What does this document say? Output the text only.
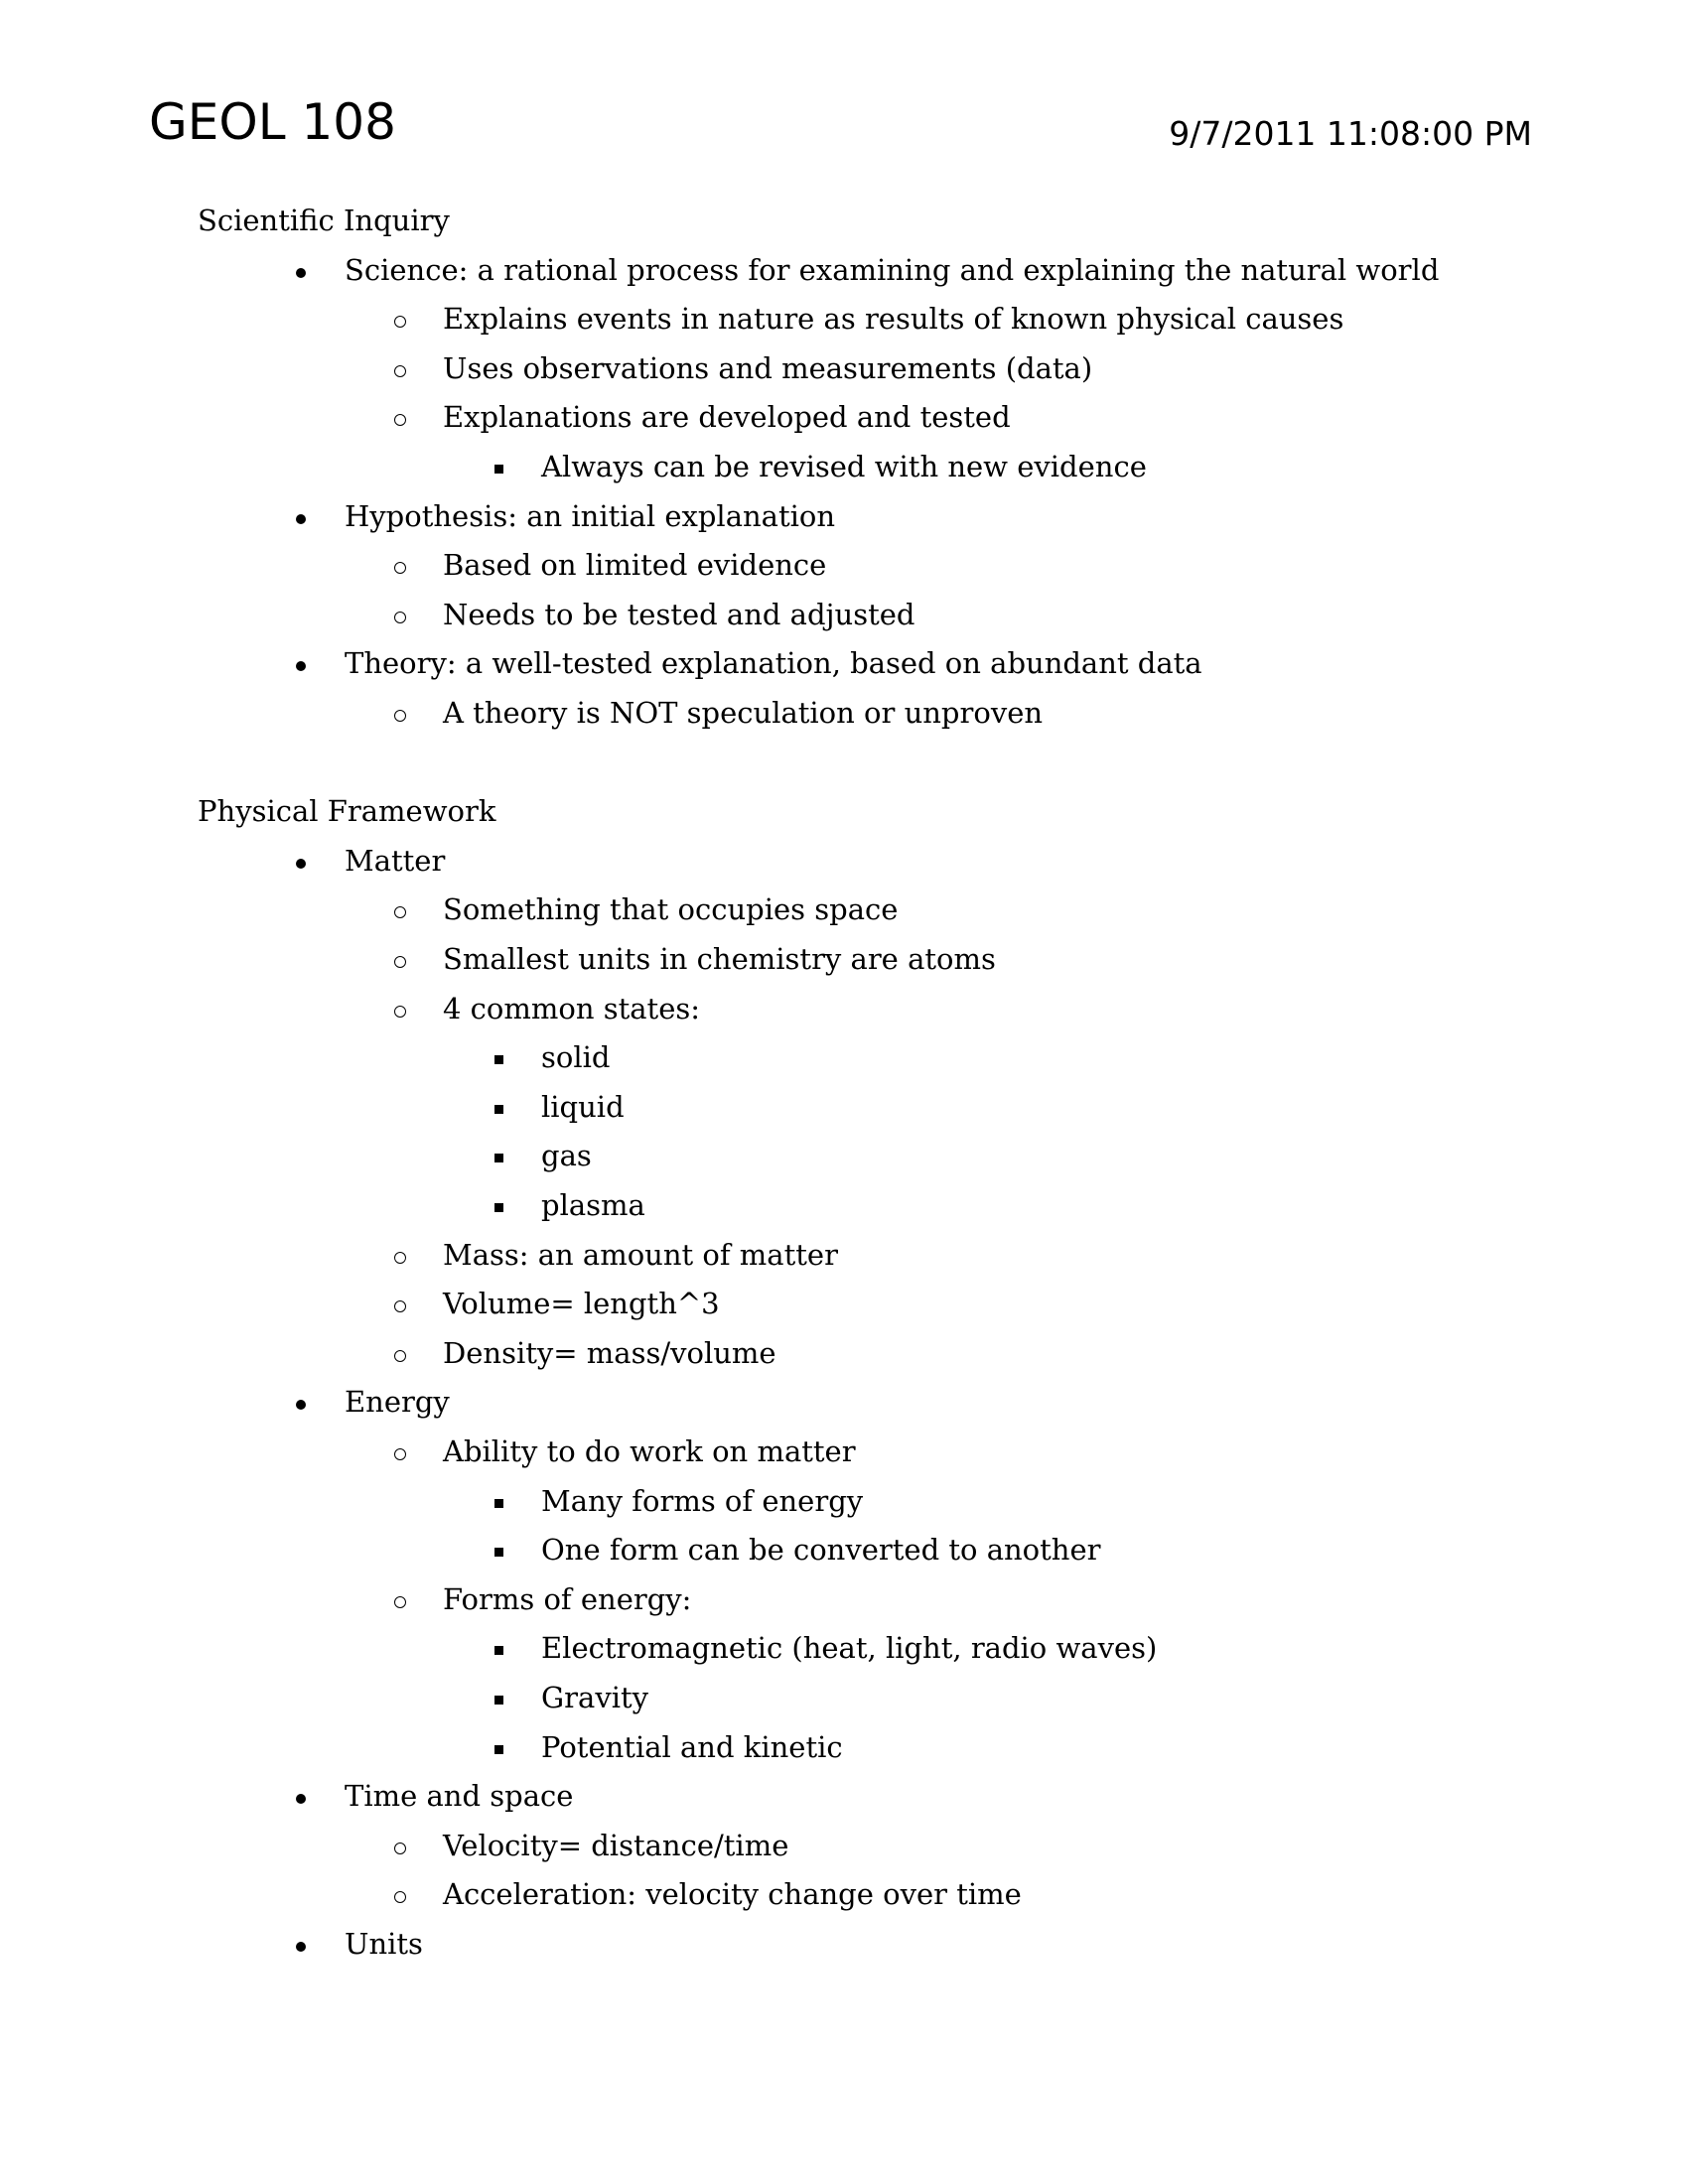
GEOL 108	9/7/2011 11:08:00 PM
Scientific Inquiry
Science: a rational process for examining and explaining the natural world
Explains events in nature as results of known physical causes
Uses observations and measurements (data)
Explanations are developed and tested
Always can be revised with new evidence
Hypothesis: an initial explanation
Based on limited evidence
Needs to be tested and adjusted
Theory: a well-tested explanation, based on abundant data
A theory is NOT speculation or unproven
Physical Framework
Matter
Something that occupies space
Smallest units in chemistry are atoms
4 common states:
solid
liquid
gas
plasma
Mass: an amount of matter
Volume= length^3
Density= mass/volume
Energy
Ability to do work on matter
Many forms of energy
One form can be converted to another
Forms of energy:
Electromagnetic (heat, light, radio waves)
Gravity
Potential and kinetic
Time and space
Velocity= distance/time
Acceleration: velocity change over time
Units
